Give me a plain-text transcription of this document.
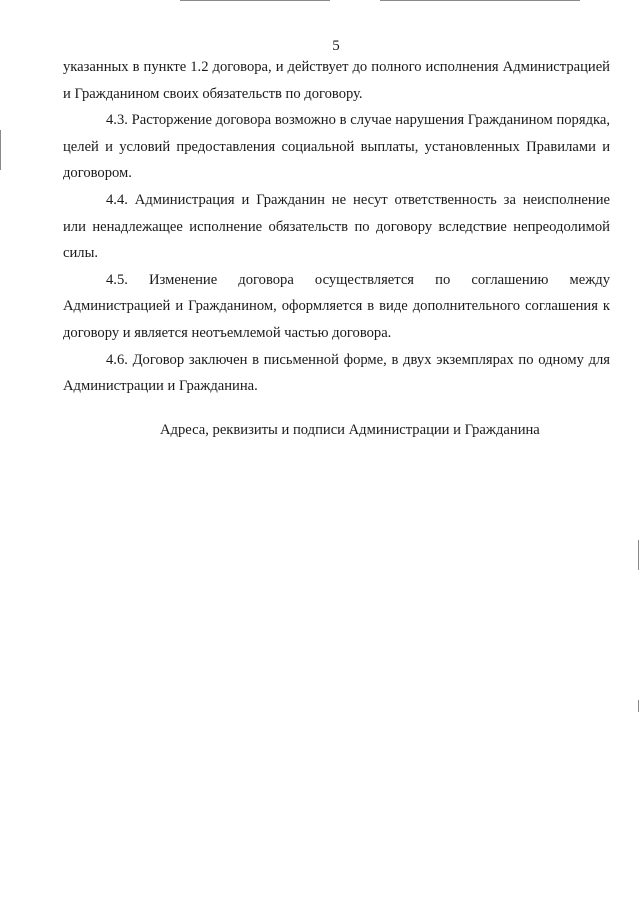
5

указанных в пункте 1.2 договора, и действует до полного исполнения Администрацией и Гражданином своих обязательств по договору.

4.3. Расторжение договора возможно в случае нарушения Гражданином порядка, целей и условий предоставления социальной выплаты, установленных Правилами и договором.

4.4. Администрация и Гражданин не несут ответственность за неисполнение или ненадлежащее исполнение обязательств по договору вследствие непреодолимой силы.

4.5. Изменение договора осуществляется по соглашению между Администрацией и Гражданином, оформляется в виде дополнительного соглашения к договору и является неотъемлемой частью договора.

4.6. Договор заключен в письменной форме, в двух экземплярах по одному для Администрации и Гражданина.

Адреса, реквизиты и подписи Администрации и Гражданина
